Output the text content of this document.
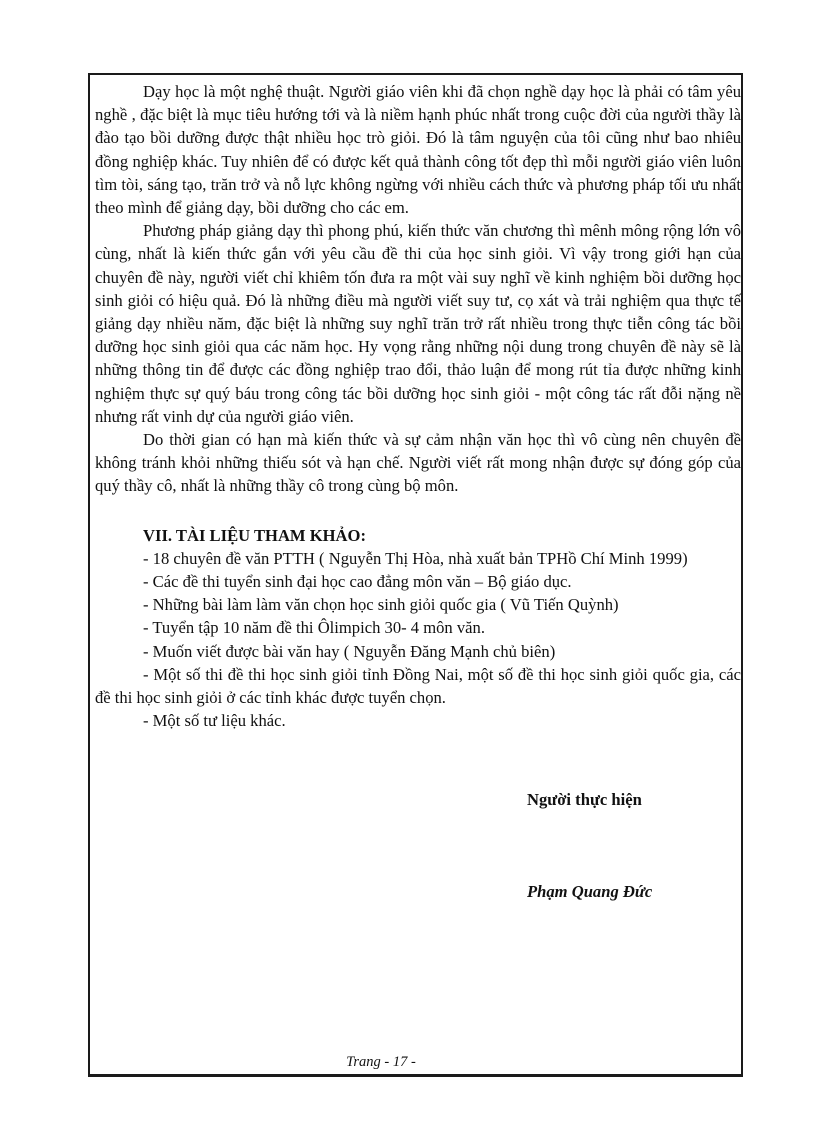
Dạy học là một nghệ thuật. Người giáo viên khi đã chọn nghề dạy học là phải có tâm yêu nghề , đặc biệt là mục tiêu hướng tới và là niềm hạnh phúc nhất trong cuộc đời của người thầy là đào tạo bồi dưỡng được thật nhiều học trò giỏi. Đó là tâm nguyện của tôi cũng như bao nhiêu đồng nghiệp khác. Tuy nhiên để có được kết quả thành công tốt đẹp thì mỗi người giáo viên luôn tìm tòi, sáng tạo, trăn trở và nỗ lực không ngừng với nhiều cách thức và phương pháp tối ưu nhất theo mình để giảng dạy, bồi dưỡng cho các em.

Phương pháp giảng dạy thì phong phú, kiến thức văn chương thì mênh mông rộng lớn vô cùng, nhất là kiến thức gắn với yêu cầu đề thi của học sinh giỏi. Vì vậy trong giới hạn của chuyên đề này, người viết chỉ khiêm tốn đưa ra một vài suy nghĩ về kinh nghiệm bồi dưỡng học sinh giỏi có hiệu quả. Đó là những điều mà người viết suy tư, cọ xát và trải nghiệm qua thực tế giảng dạy nhiều năm, đặc biệt là những suy nghĩ trăn trở rất nhiều trong thực tiễn công tác bồi dưỡng học sinh giỏi qua các năm học. Hy vọng rằng những nội dung trong chuyên đề này sẽ là những thông tin để được các đồng nghiệp trao đổi, thảo luận để mong rút tỉa được những kinh nghiệm thực sự quý báu trong công tác bồi dưỡng học sinh giỏi - một công tác rất đỗi nặng nề nhưng rất vinh dự của người giáo viên.

Do thời gian có hạn mà kiến thức và sự cảm nhận văn học thì vô cùng nên chuyên đề không tránh khỏi những thiếu sót và hạn chế. Người viết rất mong nhận được sự đóng góp của quý thầy cô, nhất là những thầy cô trong cùng bộ môn.

VII. TÀI LIỆU THAM KHẢO:

- 18 chuyên đề văn PTTH ( Nguyễn Thị Hòa, nhà xuất bản TPHồ Chí Minh 1999)

- Các đề thi tuyển sinh đại học cao đẳng môn văn – Bộ giáo dục.

- Những bài làm làm văn chọn học sinh giỏi quốc gia ( Vũ Tiến Quỳnh)

- Tuyển tập 10 năm đề thi Ôlimpich 30- 4 môn văn.

- Muốn viết được bài văn hay ( Nguyễn Đăng Mạnh chủ biên)

- Một số thi đề thi học sinh giỏi tỉnh Đồng Nai, một số đề thi học sinh giỏi quốc gia, các đề thi học sinh giỏi ở các tỉnh khác được tuyển chọn.

- Một số tư liệu khác.

Người thực hiện
Phạm Quang Đức
Trang - 17 -
